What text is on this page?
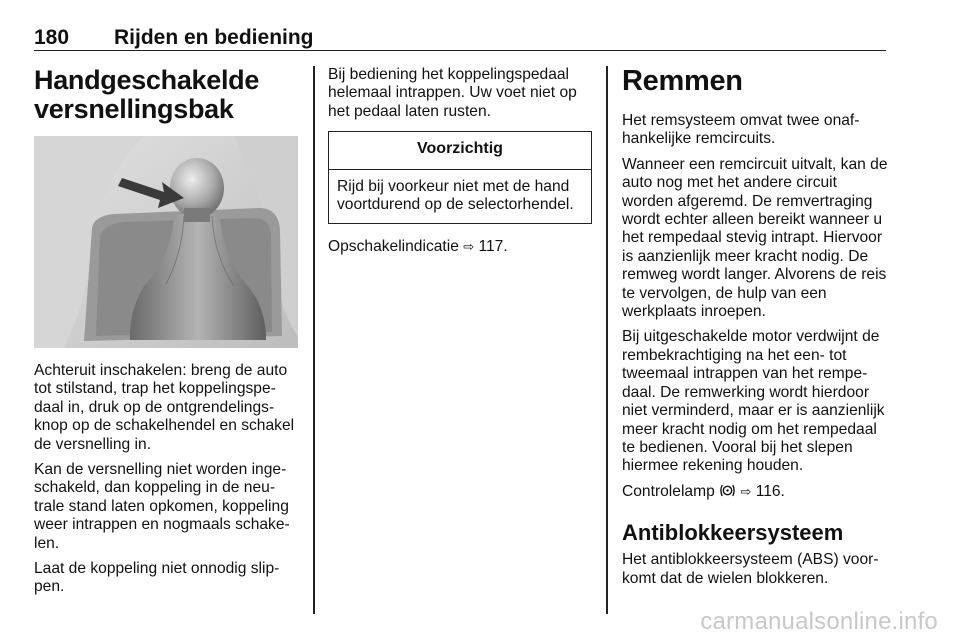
180 Rijden en bediening
Handgeschakelde
versnellingsbak

Achteruit inschakelen: breng de auto tot stilstand, trap het koppelingspedaal in, druk op de ontgrendelingsknop op de schakelhendel en schakel de versnelling in.

Kan de versnelling niet worden ingeschakeld, dan koppeling in de neutrale stand laten opkomen, koppeling weer intrappen en nogmaals schakelen.

Laat de koppeling niet onnodig slippen.

Bij bediening het koppelingspedaal helemaal intrappen. Uw voet niet op het pedaal laten rusten.

Voorzichtig
Rijd bij voorkeur niet met de hand voortdurend op de selectorhendel.

Opschakelindicatie ⇨ 117.

Remmen

Het remsysteem omvat twee onafhankelijke remcircuits.

Wanneer een remcircuit uitvalt, kan de auto nog met het andere circuit worden afgeremd. De remvertraging wordt echter alleen bereikt wanneer u het rempedaal stevig intrapt. Hiervoor is aanzienlijk meer kracht nodig. De remweg wordt langer. Alvorens de reis te vervolgen, de hulp van een werkplaats inroepen.

Bij uitgeschakelde motor verdwijnt de rembekrachtiging na het een- tot tweemaal intrappen van het rempedaal. De remwerking wordt hierdoor niet verminderd, maar er is aanzienlijk meer kracht nodig om het rempedaal te bedienen. Vooral bij het slepen hiermee rekening houden.

Controlelamp ⇨ 116.

Antiblokkeersysteem

Het antiblokkeersysteem (ABS) voorkomt dat de wielen blokkeren.

carmanualsonline.info
